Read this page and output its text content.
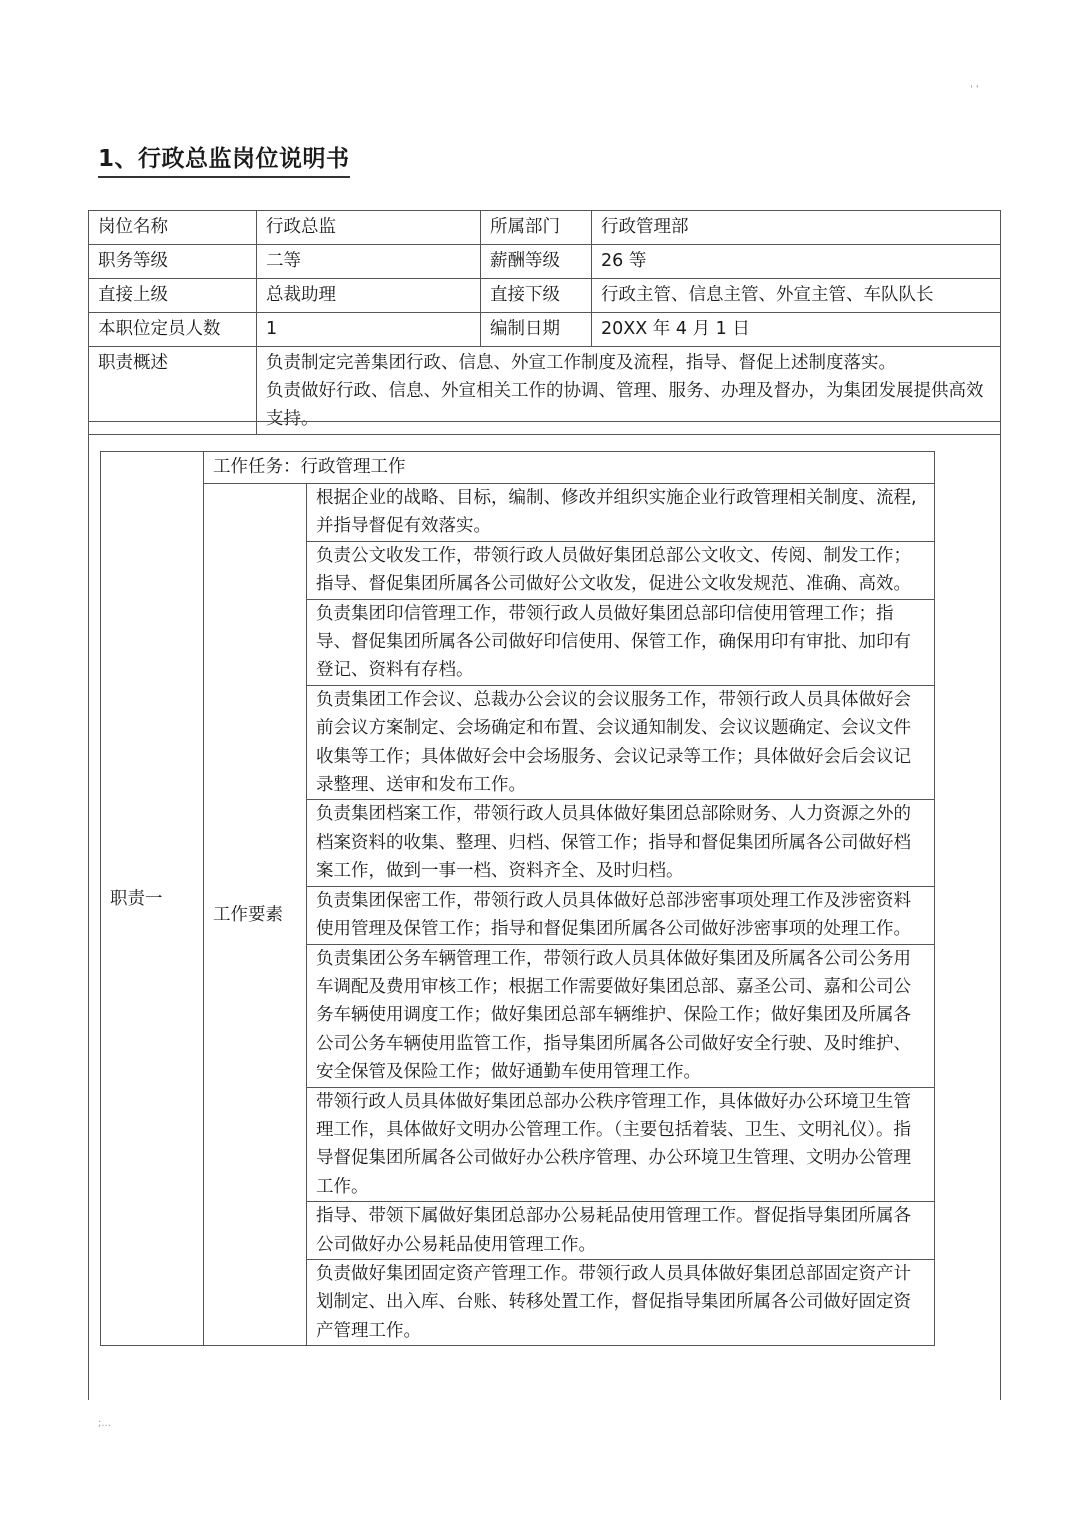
' '
1、行政总监岗位说明书
岗位名称	行政总监	所属部门	行政管理部
职务等级	二等	薪酬等级	26 等
直接上级	总裁助理	直接下级	行政主管、信息主管、外宣主管、车队队长
本职位定员人数	1	编制日期	20XX 年 4 月 1 日
职责概述	负责制定完善集团行政、信息、外宣工作制度及流程，指导、督促上述制度落实。
负责做好行政、信息、外宣相关工作的协调、管理、服务、办理及督办，为集团发展提供高效支持。		
职责一	工作任务：行政管理工作	
	工作要素	根据企业的战略、目标，编制、修改并组织实施企业行政管理相关制度、流程,并指导督促有效落实。
		负责公文收发工作，带领行政人员做好集团总部公文收文、传阅、制发工作；指导、督促集团所属各公司做好公文收发，促进公文收发规范、准确、高效。
		负责集团印信管理工作，带领行政人员做好集团总部印信使用管理工作；指导、督促集团所属各公司做好印信使用、保管工作，确保用印有审批、加印有登记、资料有存档。
		负责集团工作会议、总裁办公会议的会议服务工作，带领行政人员具体做好会前会议方案制定、会场确定和布置、会议通知制发、会议议题确定、会议文件收集等工作；具体做好会中会场服务、会议记录等工作；具体做好会后会议记录整理、送审和发布工作。
		负责集团档案工作，带领行政人员具体做好集团总部除财务、人力资源之外的档案资料的收集、整理、归档、保管工作；指导和督促集团所属各公司做好档案工作，做到一事一档、资料齐全、及时归档。
		负责集团保密工作，带领行政人员具体做好总部涉密事项处理工作及涉密资料使用管理及保管工作；指导和督促集团所属各公司做好涉密事项的处理工作。
		负责集团公务车辆管理工作，带领行政人员具体做好集团及所属各公司公务用车调配及费用审核工作；根据工作需要做好集团总部、嘉圣公司、嘉和公司公务车辆使用调度工作；做好集团总部车辆维护、保险工作；做好集团及所属各公司公务车辆使用监管工作，指导集团所属各公司做好安全行驶、及时维护、安全保管及保险工作；做好通勤车使用管理工作。
		带领行政人员具体做好集团总部办公秩序管理工作，具体做好办公环境卫生管理工作，具体做好文明办公管理工作。（主要包括着装、卫生、文明礼仪）。指导督促集团所属各公司做好办公秩序管理、办公环境卫生管理、文明办公管理工作。
		指导、带领下属做好集团总部办公易耗品使用管理工作。督促指导集团所属各公司做好办公易耗品使用管理工作。
		负责做好集团固定资产管理工作。带领行政人员具体做好集团总部固定资产计划制定、出入库、台账、转移处置工作，督促指导集团所属各公司做好固定资产管理工作。
;...
